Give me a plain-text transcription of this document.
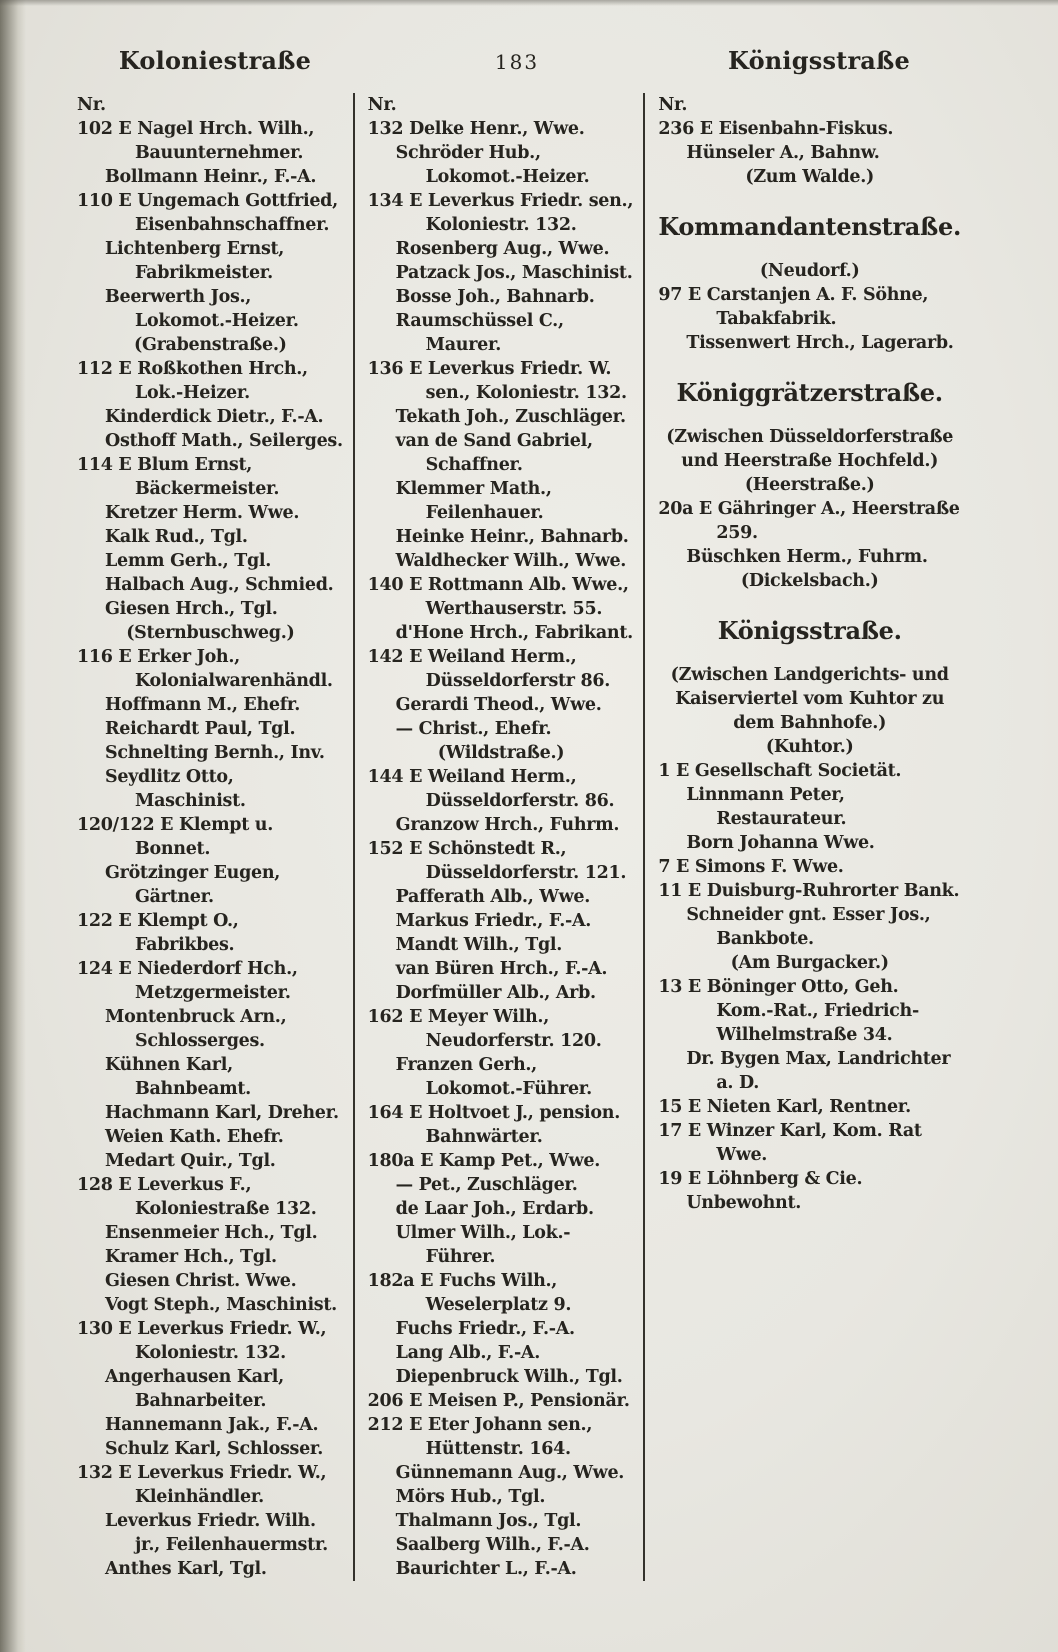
Koloniestraße	183	Königsstraße

Nr.

102 E Nagel Hrch. Wilh., Bauunternehmer.

Bollmann Heinr., F.-A.

110 E Ungemach Gottfried, Eisenbahnschaffner.

Lichtenberg Ernst, Fabrikmeister.

Beerwerth Jos., Lokomot.-Heizer.

(Grabenstraße.)

112 E Roßkothen Hrch., Lok.-Heizer.

Kinderdick Dietr., F.-A.

Osthoff Math., Seilerges.

114 E Blum Ernst, Bäckermeister.

Kretzer Herm. Wwe.

Kalk Rud., Tgl.

Lemm Gerh., Tgl.

Halbach Aug., Schmied.

Giesen Hrch., Tgl.

(Sternbuschweg.)

116 E Erker Joh., Kolonialwarenhändl.

Hoffmann M., Ehefr.

Reichardt Paul, Tgl.

Schnelting Bernh., Inv.

Seydlitz Otto, Maschinist.

120/122 E Klempt u. Bonnet.

Grötzinger Eugen, Gärtner.

122 E Klempt O., Fabrikbes.

124 E Niederdorf Hch., Metzgermeister.

Montenbruck Arn., Schlosserges.

Kühnen Karl, Bahnbeamt.

Hachmann Karl, Dreher.

Weien Kath. Ehefr.

Medart Quir., Tgl.

128 E Leverkus F., Koloniestraße 132.

Ensenmeier Hch., Tgl.

Kramer Hch., Tgl.

Giesen Christ. Wwe.

Vogt Steph., Maschinist.

130 E Leverkus Friedr. W., Koloniestr. 132.

Angerhausen Karl, Bahnarbeiter.

Hannemann Jak., F.-A.

Schulz Karl, Schlosser.

132 E Leverkus Friedr. W., Kleinhändler.

Leverkus Friedr. Wilh. jr., Feilenhauermstr.

Anthes Karl, Tgl.

Nr.

132 Delke Henr., Wwe.

Schröder Hub., Lokomot.-Heizer.

134 E Leverkus Friedr. sen., Koloniestr. 132.

Rosenberg Aug., Wwe.

Patzack Jos., Maschinist.

Bosse Joh., Bahnarb.

Raumschüssel C., Maurer.

136 E Leverkus Friedr. W. sen., Koloniestr. 132.

Tekath Joh., Zuschläger.

van de Sand Gabriel, Schaffner.

Klemmer Math., Feilenhauer.

Heinke Heinr., Bahnarb.

Waldhecker Wilh., Wwe.

140 E Rottmann Alb. Wwe., Werthauserstr. 55.

d'Hone Hrch., Fabrikant.

142 E Weiland Herm., Düsseldorferstr 86.

Gerardi Theod., Wwe.

— Christ., Ehefr.

(Wildstraße.)

144 E Weiland Herm., Düsseldorferstr. 86.

Granzow Hrch., Fuhrm.

152 E Schönstedt R., Düsseldorferstr. 121.

Pafferath Alb., Wwe.

Markus Friedr., F.-A.

Mandt Wilh., Tgl.

van Büren Hrch., F.-A.

Dorfmüller Alb., Arb.

162 E Meyer Wilh., Neudorferstr. 120.

Franzen Gerh., Lokomot.-Führer.

164 E Holtvoet J., pension. Bahnwärter.

180a E Kamp Pet., Wwe.

— Pet., Zuschläger.

de Laar Joh., Erdarb.

Ulmer Wilh., Lok.-Führer.

182a E Fuchs Wilh., Weselerplatz 9.

Fuchs Friedr., F.-A.

Lang Alb., F.-A.

Diepenbruck Wilh., Tgl.

206 E Meisen P., Pensionär.

212 E Eter Johann sen., Hüttenstr. 164.

Günnemann Aug., Wwe.

Mörs Hub., Tgl.

Thalmann Jos., Tgl.

Saalberg Wilh., F.-A.

Baurichter L., F.-A.

Nr.

236 E Eisenbahn-Fiskus.

Hünseler A., Bahnw.

(Zum Walde.)

Kommandantenstraße.

(Neudorf.)

97 E Carstanjen A. F. Söhne, Tabakfabrik.

Tissenwert Hrch., Lagerarb.

Königgrätzerstraße.

(Zwischen Düsseldorferstraße und Heerstraße Hochfeld.)

(Heerstraße.)

20a E Gähringer A., Heerstraße 259.

Büschken Herm., Fuhrm.

(Dickelsbach.)

Königsstraße.

(Zwischen Landgerichts- und Kaiserviertel vom Kuhtor zu dem Bahnhofe.)

(Kuhtor.)

1 E Gesellschaft Societät.

Linnmann Peter, Restaurateur.

Born Johanna Wwe.

7 E Simons F. Wwe.

11 E Duisburg-Ruhrorter Bank.

Schneider gnt. Esser Jos., Bankbote.

(Am Burgacker.)

13 E Böninger Otto, Geh. Kom.-Rat., Friedrich-Wilhelmstraße 34.

Dr. Bygen Max, Landrichter a. D.

15 E Nieten Karl, Rentner.

17 E Winzer Karl, Kom. Rat Wwe.

19 E Löhnberg & Cie.

Unbewohnt.
